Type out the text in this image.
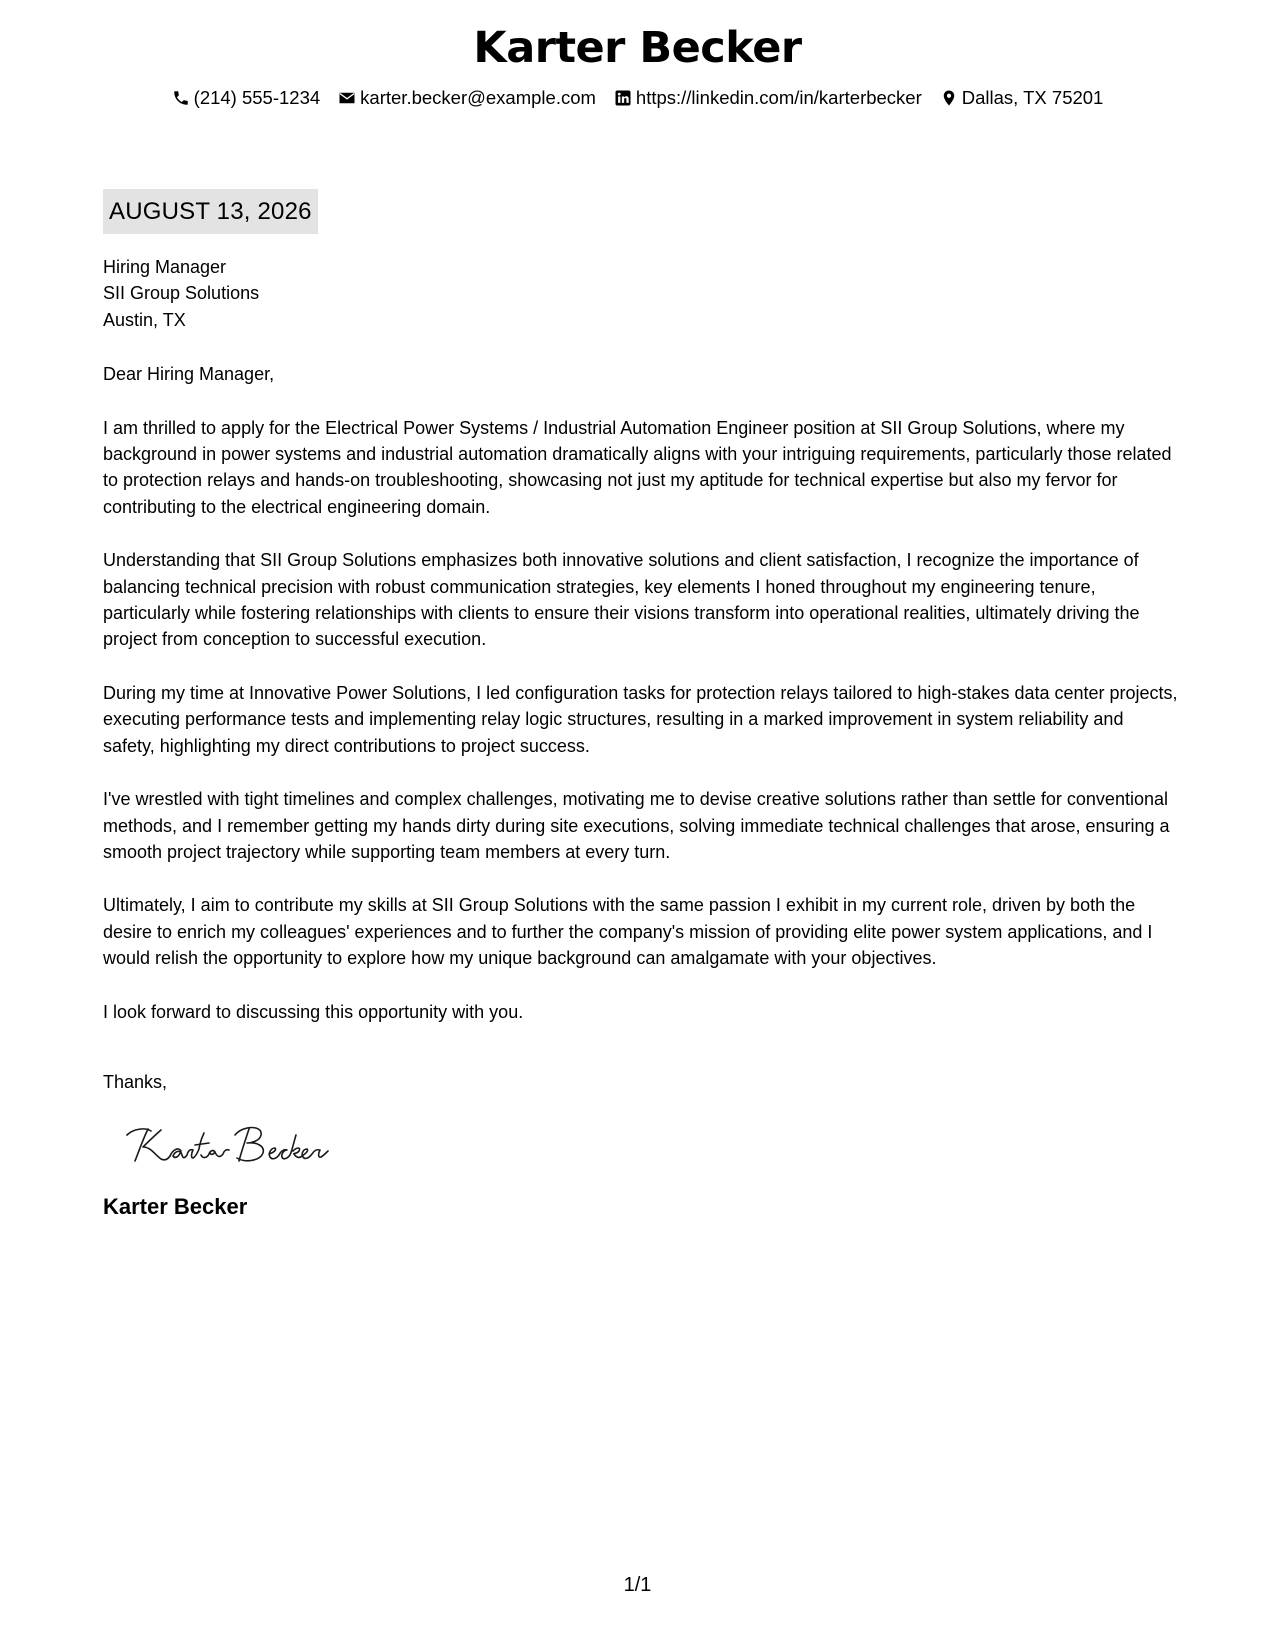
Karter Becker
(214) 555-1234 karter.becker@example.com https://linkedin.com/in/karterbecker Dallas, TX 75201
AUGUST 13, 2026

Hiring Manager

SII Group Solutions

Austin, TX

Dear Hiring Manager,

I am thrilled to apply for the Electrical Power Systems / Industrial Automation Engineer position at SII Group Solutions, where my background in power systems and industrial automation dramatically aligns with your intriguing requirements, particularly those related to protection relays and hands-on troubleshooting, showcasing not just my aptitude for technical expertise but also my fervor for contributing to the electrical engineering domain.

Understanding that SII Group Solutions emphasizes both innovative solutions and client satisfaction, I recognize the importance of balancing technical precision with robust communication strategies, key elements I honed throughout my engineering tenure, particularly while fostering relationships with clients to ensure their visions transform into operational realities, ultimately driving the project from conception to successful execution.

During my time at Innovative Power Solutions, I led configuration tasks for protection relays tailored to high-stakes data center projects, executing performance tests and implementing relay logic structures, resulting in a marked improvement in system reliability and safety, highlighting my direct contributions to project success.

I've wrestled with tight timelines and complex challenges, motivating me to devise creative solutions rather than settle for conventional methods, and I remember getting my hands dirty during site executions, solving immediate technical challenges that arose, ensuring a smooth project trajectory while supporting team members at every turn.

Ultimately, I aim to contribute my skills at SII Group Solutions with the same passion I exhibit in my current role, driven by both the desire to enrich my colleagues' experiences and to further the company's mission of providing elite power system applications, and I would relish the opportunity to explore how my unique background can amalgamate with your objectives.

I look forward to discussing this opportunity with you.

Thanks,

Karter Becker

1/1
